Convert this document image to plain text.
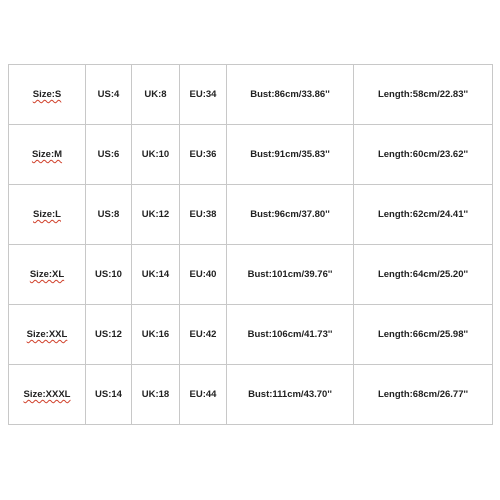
Size:S	US:4	UK:8	EU:34	Bust:86cm/33.86''	Length:58cm/22.83''
Size:M	US:6	UK:10	EU:36	Bust:91cm/35.83''	Length:60cm/23.62''
Size:L	US:8	UK:12	EU:38	Bust:96cm/37.80''	Length:62cm/24.41''
Size:XL	US:10	UK:14	EU:40	Bust:101cm/39.76''	Length:64cm/25.20''
Size:XXL	US:12	UK:16	EU:42	Bust:106cm/41.73''	Length:66cm/25.98''
Size:XXXL	US:14	UK:18	EU:44	Bust:111cm/43.70''	Length:68cm/26.77''
